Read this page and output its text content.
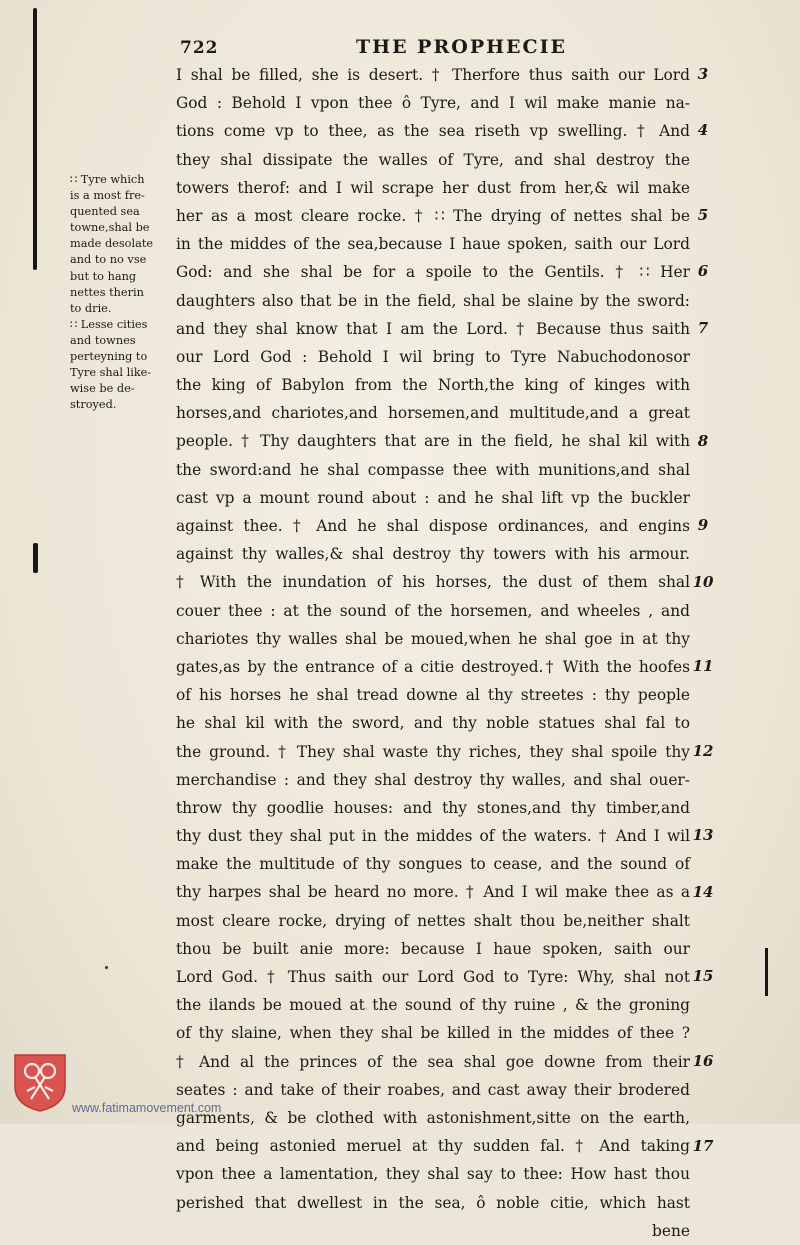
722	THE PROPHECIE
∷ Tyre which
is a most fre-
quented sea
towne,shal be
made desolate
and to no vse
but to hang
nettes therin
to drie.
∷ Lesse cities
and townes
perteyning to
Tyre shal like-
wise be de-
stroyed.
I shal be filled, she is desert. † Therfore thus saith our Lord
God : Behold I vpon thee ô Tyre, and I wil make manie na-
tions come vp to thee, as the sea riseth vp swelling. † And
they shal dissipate the walles of Tyre, and shal destroy the
towers therof: and I wil scrape her dust from her,& wil make
her as a most cleare rocke. † ∷ The drying of nettes shal be
in the middes of the sea,because I haue spoken, saith our Lord
God: and she shal be for a spoile to the Gentils. † ∷ Her
daughters also that be in the field, shal be slaine by the sword:
and they shal know that I am the Lord. † Because thus saith
our Lord God : Behold I wil bring to Tyre Nabuchodonosor
the king of Babylon from the North,the king of kinges with
horses,and chariotes,and horsemen,and multitude,and a great
people. † Thy daughters that are in the field, he shal kil with
the sword:and he shal compasse thee with munitions,and shal
cast vp a mount round about : and he shal lift vp the buckler
against thee. † And he shal dispose ordinances, and engins
against thy walles,& shal destroy thy towers with his armour.
† With the inundation of his horses, the dust of them shal
couer thee : at the sound of the horsemen, and wheeles , and
chariotes thy walles shal be moued,when he shal goe in at thy
gates,as by the entrance of a citie destroyed.† With the hoofes
of his horses he shal tread downe al thy streetes : thy people
he shal kil with the sword, and thy noble statues shal fal to
the ground. † They shal waste thy riches, they shal spoile thy
merchandise : and they shal destroy thy walles, and shal ouer-
throw thy goodlie houses: and thy stones,and thy timber,and
thy dust they shal put in the middes of the waters. † And I wil
make the multitude of thy songues to cease, and the sound of
thy harpes shal be heard no more. † And I wil make thee as a
most cleare rocke, drying of nettes shalt thou be,neither shalt
thou be built anie more: because I haue spoken, saith our
Lord God. † Thus saith our Lord God to Tyre: Why, shal not
the ilands be moued at the sound of thy ruine , & the groning
of thy slaine, when they shal be killed in the middes of thee ?
† And al the princes of the sea shal goe downe from their
seates : and take of their roabes, and cast away their brodered
garments, & be clothed with astonishment,sitte on the earth,
and being astonied meruel at thy sudden fal. † And taking
vpon thee a lamentation, they shal say to thee: How hast thou
perished that dwellest in the sea, ô noble citie, which hast
bene
3
4
5
6
7
8
9
10
11
12
13
14
15
16
17
www.fatimamovement.com
